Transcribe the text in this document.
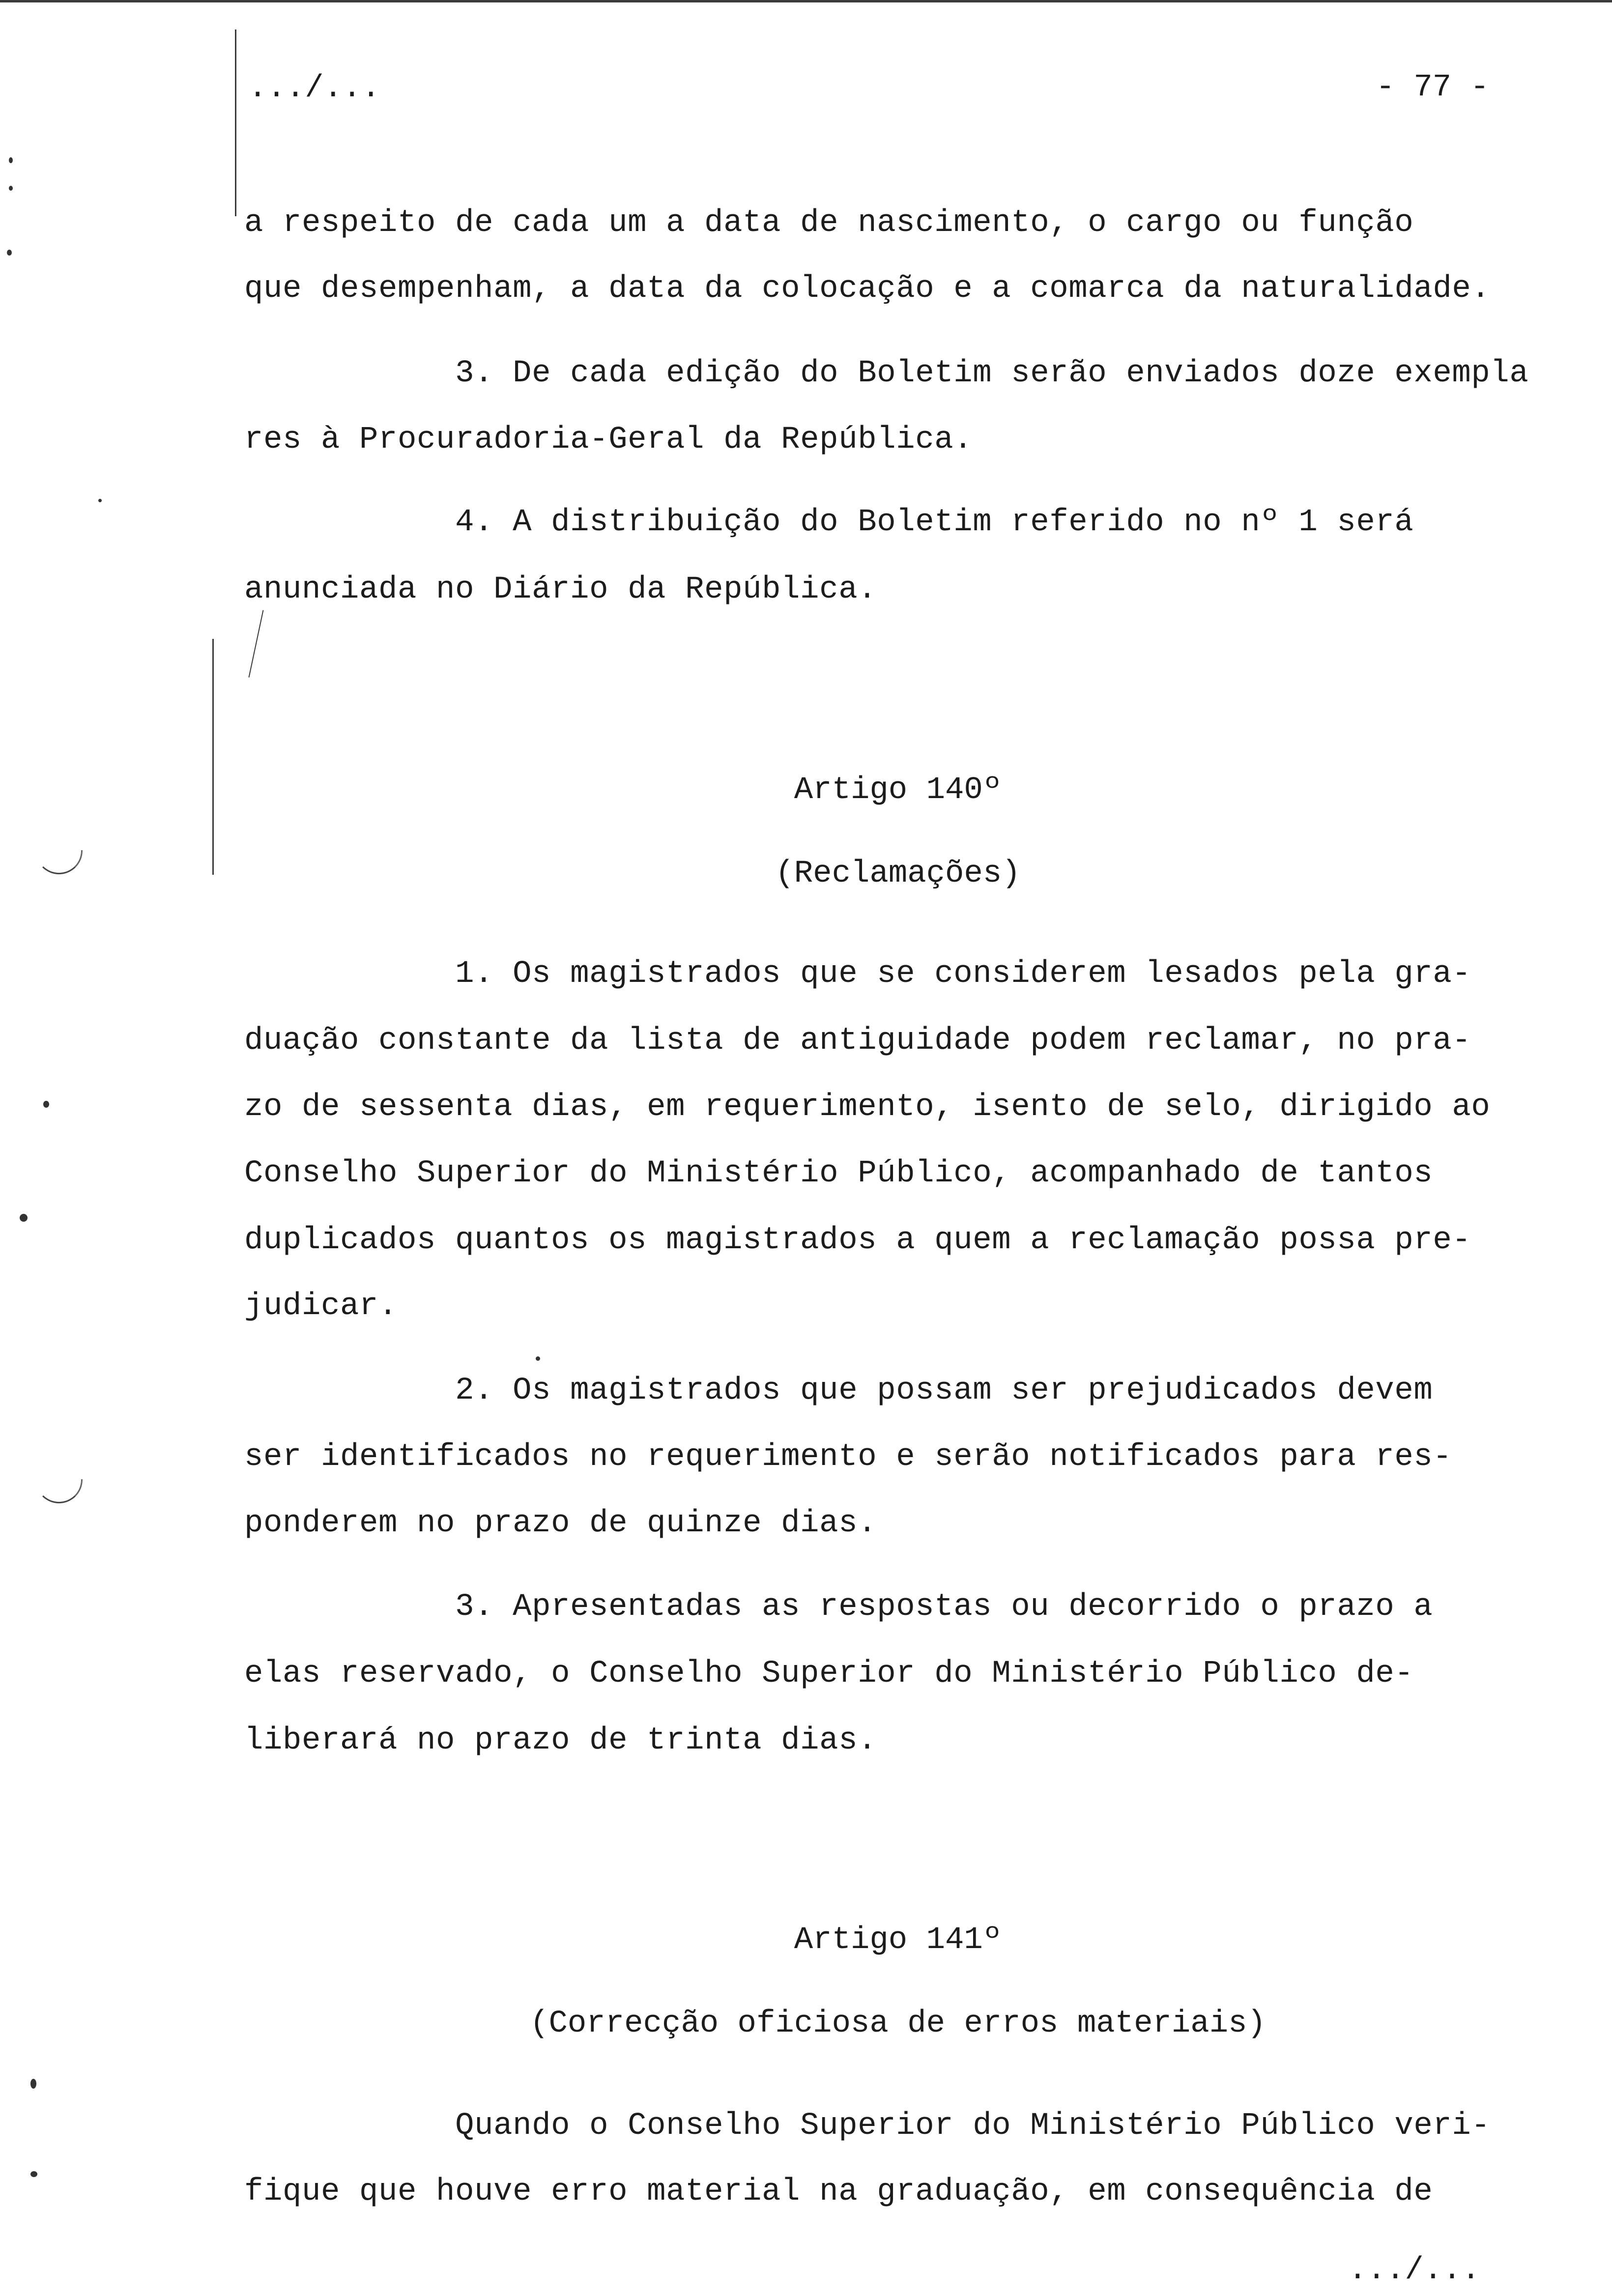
.../...	- 77 -
a respeito de cada um a data de nascimento, o cargo ou função
que desempenham, a data da colocação e a comarca da naturalidade.
3. De cada edição do Boletim serão enviados doze exempla
res à Procuradoria-Geral da República.
4. A distribuição do Boletim referido no nº 1 será
anunciada no Diário da República.
Artigo 140º
(Reclamações)
1. Os magistrados que se considerem lesados pela gra-
duação constante da lista de antiguidade podem reclamar, no pra-
zo de sessenta dias, em requerimento, isento de selo, dirigido ao
Conselho Superior do Ministério Público, acompanhado de tantos
duplicados quantos os magistrados a quem a reclamação possa pre-
judicar.
2. Os magistrados que possam ser prejudicados devem
ser identificados no requerimento e serão notificados para res-
ponderem no prazo de quinze dias.
3. Apresentadas as respostas ou decorrido o prazo a
elas reservado, o Conselho Superior do Ministério Público de-
liberará no prazo de trinta dias.
Artigo 141º
(Correcção oficiosa de erros materiais)
Quando o Conselho Superior do Ministério Público veri-
fique que houve erro material na graduação, em consequência de
.../...
